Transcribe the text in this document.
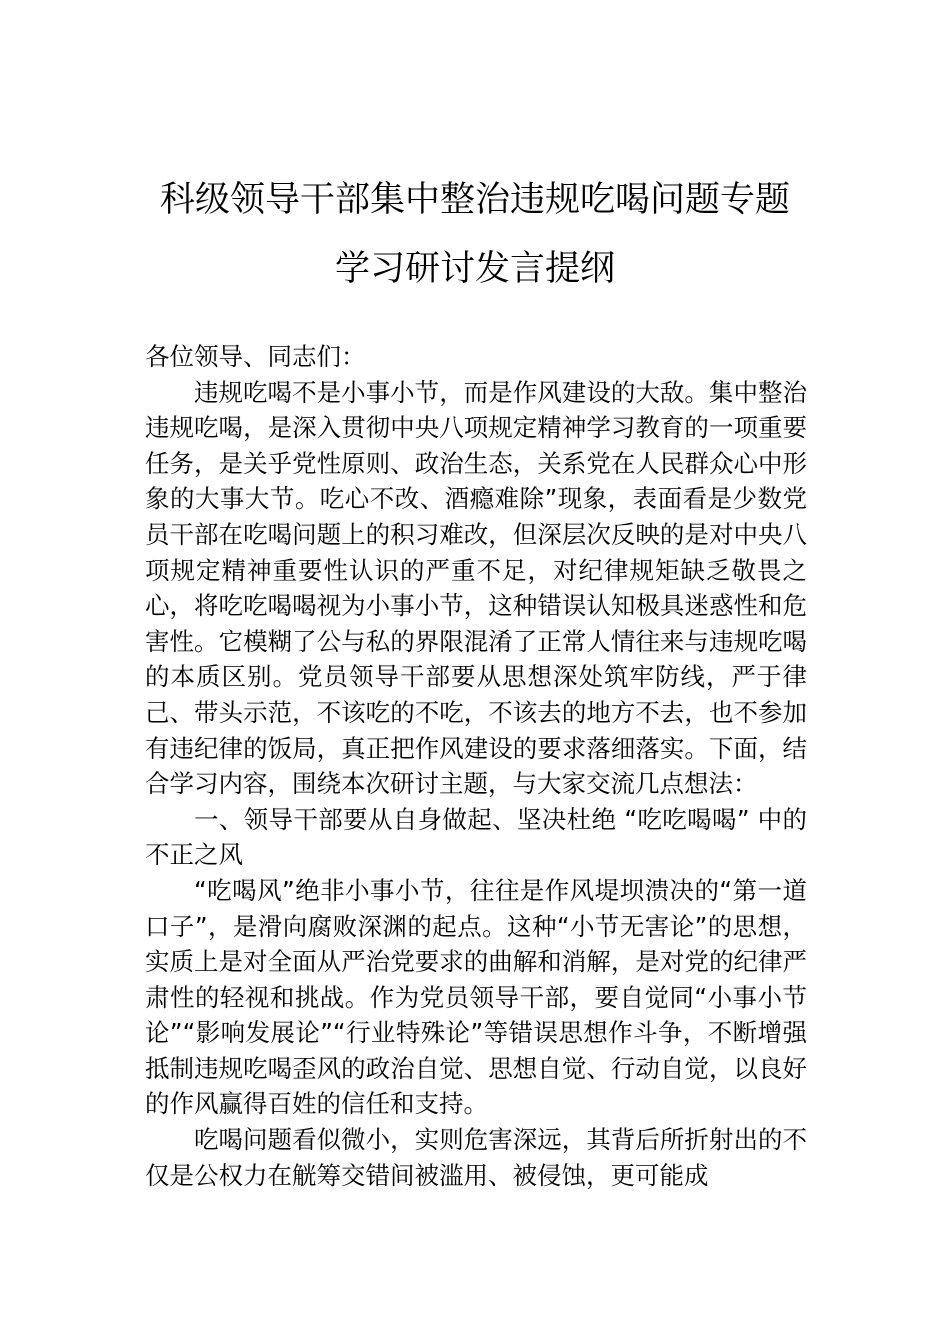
科级领导干部集中整治违规吃喝问题专题
学习研讨发言提纲

各位领导、同志们：

违规吃喝不是小事小节，而是作风建设的大敌。集中整治违规吃喝，是深入贯彻中央八项规定精神学习教育的一项重要任务，是关乎党性原则、政治生态，关系党在人民群众心中形象的大事大节。吃心不改、酒瘾难除”现象，表面看是少数党员干部在吃喝问题上的积习难改，但深层次反映的是对中央八项规定精神重要性认识的严重不足，对纪律规矩缺乏敬畏之心，将吃吃喝喝视为小事小节，这种错误认知极具迷惑性和危害性。它模糊了公与私的界限混淆了正常人情往来与违规吃喝的本质区别。党员领导干部要从思想深处筑牢防线，严于律己、带头示范，不该吃的不吃，不该去的地方不去，也不参加有违纪律的饭局，真正把作风建设的要求落细落实。下面，结合学习内容，围绕本次研讨主题，与大家交流几点想法：

一、领导干部要从自身做起、坚决杜绝 “吃吃喝喝” 中的不正之风

“吃喝风”绝非小事小节，往往是作风堤坝溃决的“第一道口子”，是滑向腐败深渊的起点。这种“小节无害论”的思想，实质上是对全面从严治党要求的曲解和消解，是对党的纪律严肃性的轻视和挑战。作为党员领导干部，要自觉同“小事小节论”“影响发展论”“行业特殊论”等错误思想作斗争，不断增强抵制违规吃喝歪风的政治自觉、思想自觉、行动自觉，以良好的作风赢得百姓的信任和支持。

吃喝问题看似微小，实则危害深远，其背后所折射出的不仅是公权力在觥筹交错间被滥用、被侵蚀，更可能成
